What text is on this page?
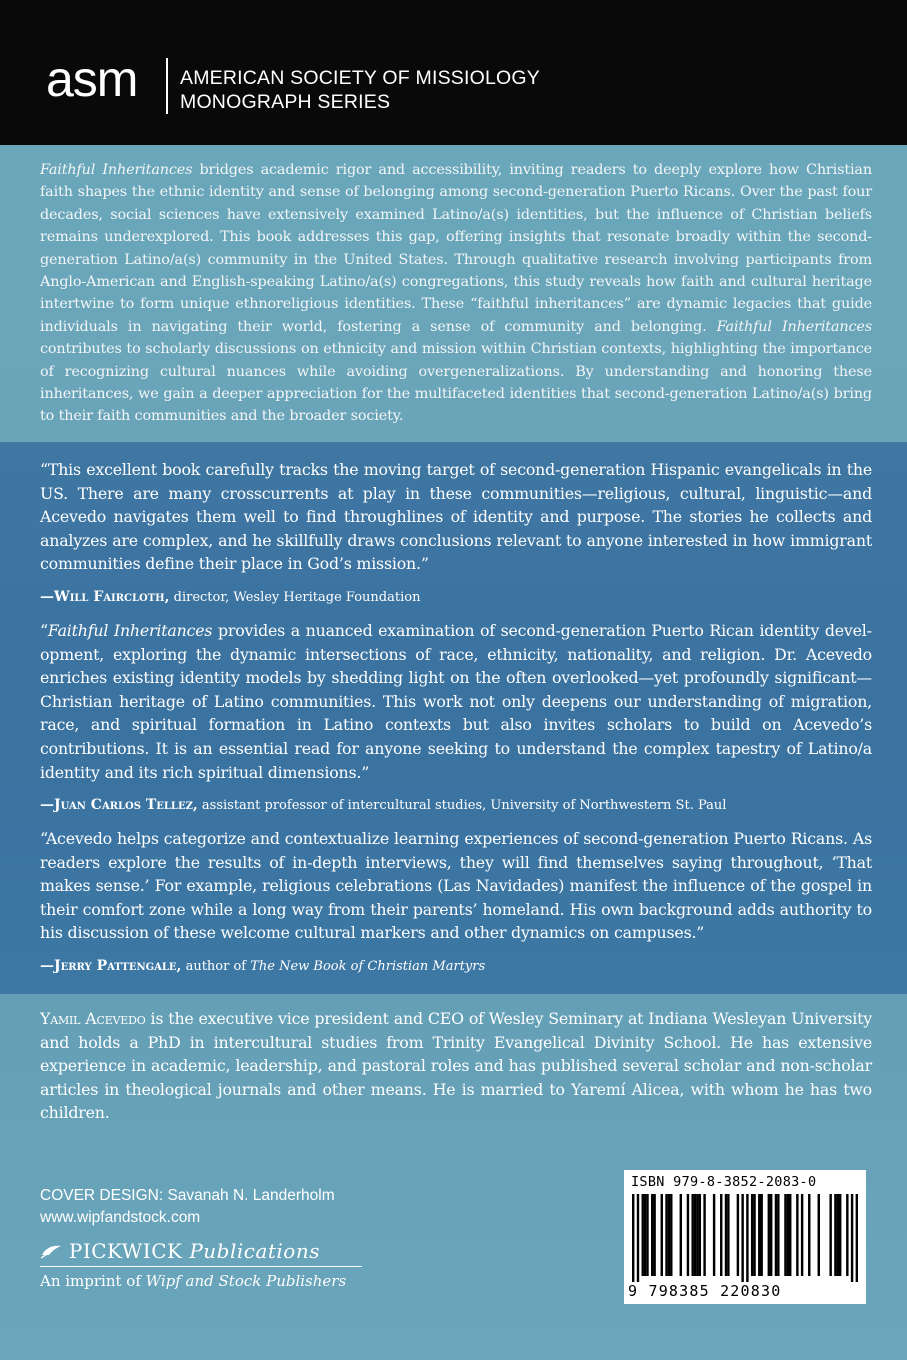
asm AMERICAN SOCIETY OF MISSIOLOGY
MONOGRAPH SERIES
Faithful Inheritances bridges academic rigor and accessibility, inviting readers to deeply explore how Christian faith shapes the ethnic identity and sense of belonging among second-generation Puerto Ricans. Over the past four decades, social sciences have extensively examined Latino/a(s) identities, but the influence of Christian beliefs remains underexplored. This book addresses this gap, offering insights that resonate broadly within the second-generation Latino/a(s) community in the United States. Through qualitative research involving participants from Anglo-American and English-speaking Latino/a(s) congregations, this study reveals how faith and cultural heritage intertwine to form unique ethnoreligious identities. These “faithful inheritances” are dynamic legacies that guide individuals in navigating their world, fostering a sense of community and belonging. Faithful Inheritances contributes to scholarly discussions on ethnicity and mission within Christian contexts, highlighting the importance of recognizing cultural nuances while avoiding overgeneralizations. By understanding and honoring these inheritances, we gain a deeper appreciation for the multifaceted identities that second-generation Latino/a(s) bring to their faith communities and the broader society.
“This excellent book carefully tracks the moving target of second-generation Hispanic evangelicals in the US. There are many crosscurrents at play in these communities—religious, cultural, linguistic—and Acevedo navigates them well to find throughlines of identity and purpose. The stories he collects and analyzes are complex, and he skillfully draws conclusions relevant to anyone interested in how immigrant communities define their place in God’s mission.”
—Will Faircloth, director, Wesley Heritage Foundation
“Faithful Inheritances provides a nuanced examination of second-generation Puerto Rican identity development, exploring the dynamic intersections of race, ethnicity, nationality, and religion. Dr. Acevedo enriches existing identity models by shedding light on the often overlooked—yet profoundly significant—Christian heritage of Latino communities. This work not only deepens our understanding of migration, race, and spiritual formation in Latino contexts but also invites scholars to build on Acevedo’s contributions. It is an essential read for anyone seeking to understand the complex tapestry of Latino/a identity and its rich spiritual dimensions.”
—Juan Carlos Tellez, assistant professor of intercultural studies, University of Northwestern St. Paul
“Acevedo helps categorize and contextualize learning experiences of second-generation Puerto Ricans. As readers explore the results of in-depth interviews, they will find themselves saying throughout, ‘That makes sense.’ For example, religious celebrations (Las Navidades) manifest the influence of the gospel in their comfort zone while a long way from their parents’ homeland. His own background adds authority to his discussion of these welcome cultural markers and other dynamics on campuses.”
—Jerry Pattengale, author of The New Book of Christian Martyrs
Yamil Acevedo is the executive vice president and CEO of Wesley Seminary at Indiana Wesleyan University and holds a PhD in intercultural studies from Trinity Evangelical Divinity School. He has extensive experience in academic, leadership, and pastoral roles and has published several scholar and non-scholar articles in theological journals and other means. He is married to Yaremí Alicea, with whom he has two children.
COVER DESIGN: Savanah N. Landerholm
www.wipfandstock.com
PICKWICK Publications
An imprint of Wipf and Stock Publishers
ISBN 979-8-3852-2083-0
9 798385 220830
